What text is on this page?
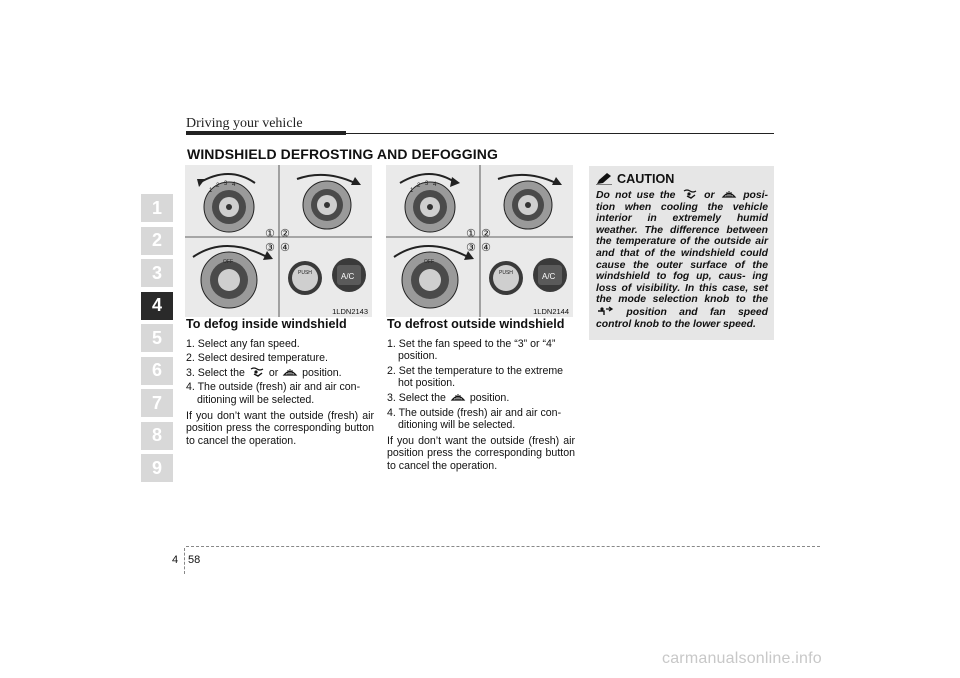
Driving your vehicle
WINDSHIELD DEFROSTING AND DEFOGGING
1
2
3
4
5
6
7
8
9
1
2 3 4
OFF
PUSH	A/C
① ②
③ ④
1LDN2143
1
2 3 4
OFF
PUSH	A/C
① ②
③ ④
1LDN2144
To defog inside windshield

1. Select any fan speed.

2. Select desired temperature.

3. Select the or position.

4. The outside (fresh) air and air con- ditioning will be selected.

If you don’t want the outside (fresh) air position press the corresponding button to cancel the operation.

To defrost outside windshield

1. Set the fan speed to the “3” or “4” position.

2. Set the temperature to the extreme hot position.

3. Select the position.

4. The outside (fresh) air and air con- ditioning will be selected.

If you don’t want the outside (fresh) air position press the corresponding button to cancel the operation.

CAUTION
Do not use the	or	posi- tion when cooling the vehicle interior in extremely humid weather. The difference between the temperature of the outside air and that of the windshield could cause the outer surface of the windshield to fog up, caus- ing loss of visibility. In this case, set the mode selection knob to the  position and fan speed control knob to the lower speed.
4 58
carmanualsonline.info
